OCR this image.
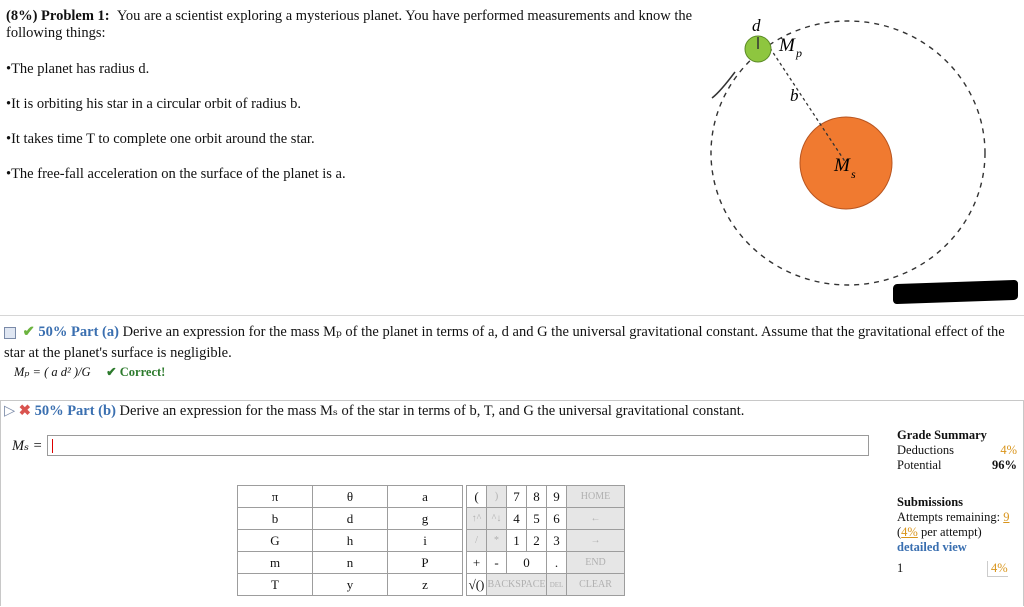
(8%) Problem 1: You are a scientist exploring a mysterious planet. You have performed measurements and know the following things:
•The planet has radius d.
•It is orbiting his star in a circular orbit of radius b.
•It takes time T to complete one orbit around the star.
•The free-fall acceleration on the surface of the planet is a.
d
M p
b
M s
✔ 50% Part (a) Derive an expression for the mass Mₚ of the planet in terms of a, d and G the universal gravitational constant. Assume that the gravitational effect of the star at the planet's surface is negligible.
Mₚ = ( a d² )/G ✔ Correct!
▷ ✖ 50% Part (b) Derive an expression for the mass Mₛ of the star in terms of b, T, and G the universal gravitational constant.
Mₛ =
π	θ	a
b	d	g
G	h	i
m	n	P
T	y	z
(	)	7	8	9	HOME
↑^	^↓	4	5	6	←
/	*	1	2	3	→
+	-	0		.	END
√()	BACKSPACE			DEL	CLEAR
Grade Summary
Deductions	4%
Potential	96%
Submissions
Attempts remaining: 9
(4% per attempt)
detailed view
1	4%
